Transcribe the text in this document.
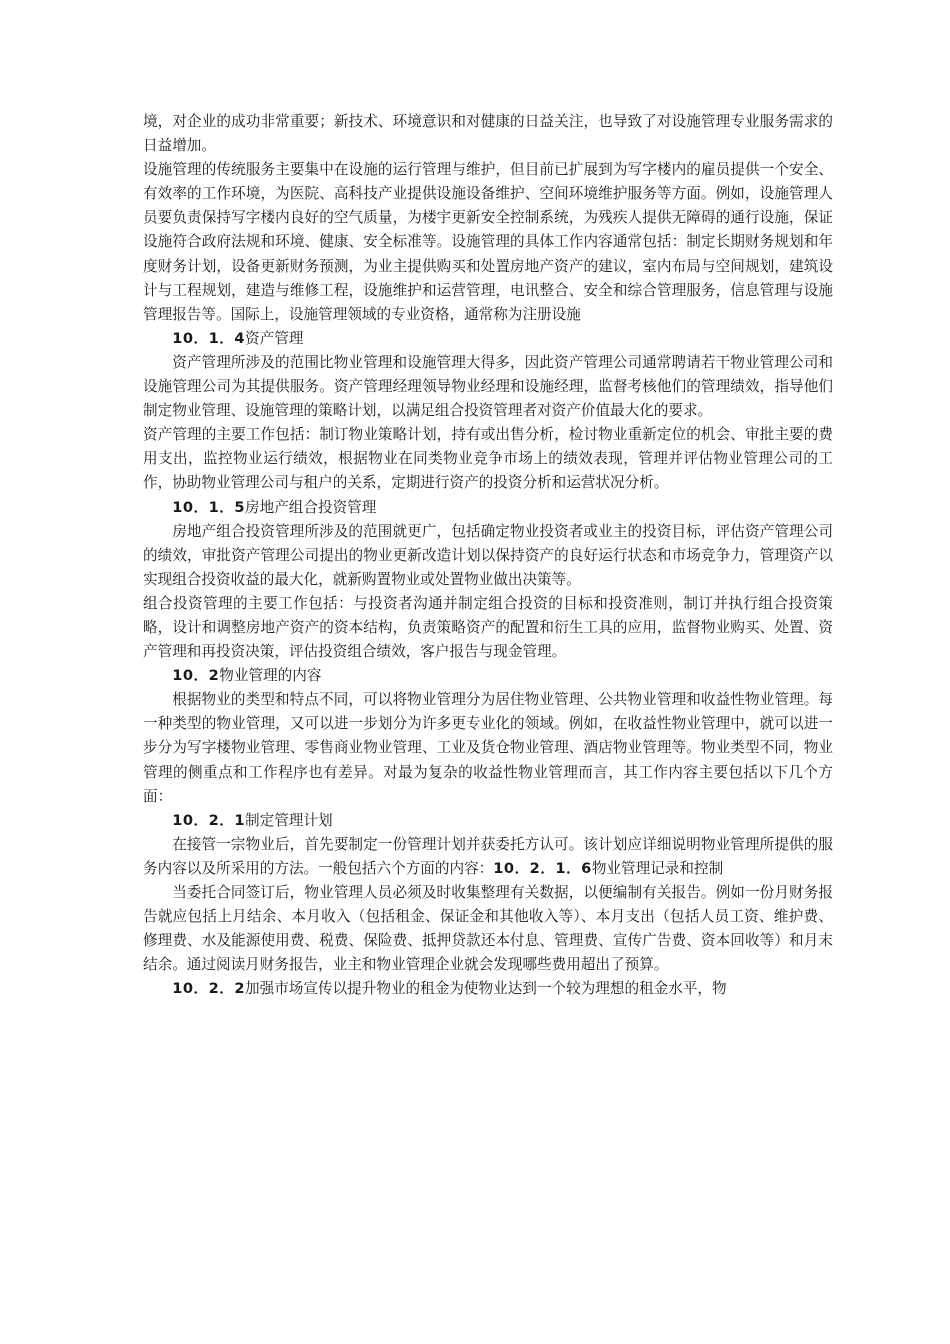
境，对企业的成功非常重要；新技术、环境意识和对健康的日益关注，也导致了对设施管理专业服务需求的日益增加。

设施管理的传统服务主要集中在设施的运行管理与维护，但目前已扩展到为写字楼内的雇员提供一个安全、有效率的工作环境，为医院、高科技产业提供设施设备维护、空间环境维护服务等方面。例如，设施管理人员要负责保持写字楼内良好的空气质量，为楼宇更新安全控制系统，为残疾人提供无障碍的通行设施，保证设施符合政府法规和环境、健康、安全标准等。设施管理的具体工作内容通常包括：制定长期财务规划和年度财务计划，设备更新财务预测，为业主提供购买和处置房地产资产的建议，室内布局与空间规划，建筑设计与工程规划，建造与维修工程，设施维护和运营管理，电讯整合、安全和综合管理服务，信息管理与设施管理报告等。国际上，设施管理领域的专业资格，通常称为注册设施

10．1．4资产管理

资产管理所涉及的范围比物业管理和设施管理大得多，因此资产管理公司通常聘请若干物业管理公司和设施管理公司为其提供服务。资产管理经理领导物业经理和设施经理，监督考核他们的管理绩效，指导他们制定物业管理、设施管理的策略计划，以满足组合投资管理者对资产价值最大化的要求。

资产管理的主要工作包括：制订物业策略计划，持有或出售分析，检讨物业重新定位的机会、审批主要的费用支出，监控物业运行绩效，根据物业在同类物业竞争市场上的绩效表现，管理并评估物业管理公司的工作，协助物业管理公司与租户的关系，定期进行资产的投资分析和运营状况分析。

10．1．5房地产组合投资管理

房地产组合投资管理所涉及的范围就更广，包括确定物业投资者或业主的投资目标，评估资产管理公司的绩效，审批资产管理公司提出的物业更新改造计划以保持资产的良好运行状态和市场竞争力，管理资产以实现组合投资收益的最大化，就新购置物业或处置物业做出决策等。

组合投资管理的主要工作包括：与投资者沟通并制定组合投资的目标和投资准则，制订并执行组合投资策略，设计和调整房地产资产的资本结构，负责策略资产的配置和衍生工具的应用，监督物业购买、处置、资产管理和再投资决策，评估投资组合绩效，客户报告与现金管理。

10．2物业管理的内容

根据物业的类型和特点不同，可以将物业管理分为居住物业管理、公共物业管理和收益性物业管理。每一种类型的物业管理，又可以进一步划分为许多更专业化的领域。例如，在收益性物业管理中，就可以进一步分为写字楼物业管理、零售商业物业管理、工业及货仓物业管理、酒店物业管理等。物业类型不同，物业管理的侧重点和工作程序也有差异。对最为复杂的收益性物业管理而言，其工作内容主要包括以下几个方面：

10．2．1制定管理计划

在接管一宗物业后，首先要制定一份管理计划并获委托方认可。该计划应详细说明物业管理所提供的服务内容以及所采用的方法。一般包括六个方面的内容：10．2．1．6物业管理记录和控制

当委托合同签订后，物业管理人员必须及时收集整理有关数据，以便编制有关报告。例如一份月财务报告就应包括上月结余、本月收入（包括租金、保证金和其他收入等）、本月支出（包括人员工资、维护费、修理费、水及能源使用费、税费、保险费、抵押贷款还本付息、管理费、宣传广告费、资本回收等）和月末结余。通过阅读月财务报告，业主和物业管理企业就会发现哪些费用超出了预算。

10．2．2加强市场宣传以提升物业的租金为使物业达到一个较为理想的租金水平，物
